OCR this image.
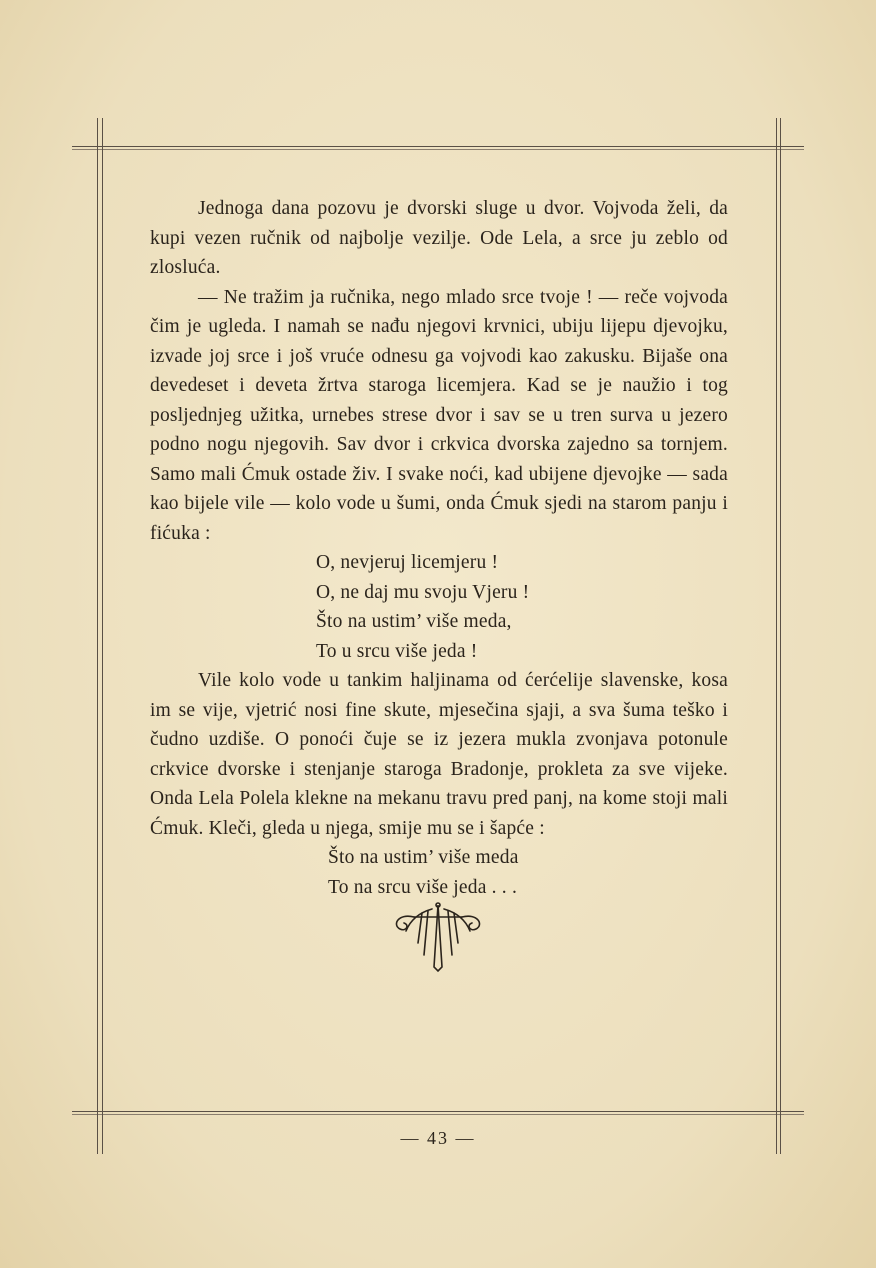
Jednoga dana pozovu je dvorski sluge u dvor. Vojvoda želi, da kupi vezen ručnik od najbolje vezilje. Ode Lela, a srce ju zeblo od zlosluća.

— Ne tražim ja ručnika, nego mlado srce tvoje ! — reče vojvoda čim je ugleda. I namah se nađu njegovi krvnici, ubiju lijepu djevojku, izvade joj srce i još vruće odnesu ga vojvodi kao zakusku. Bijaše ona devedeset i deveta žrtva staroga licemjera. Kad se je naužio i tog posljednjeg užitka, urnebes strese dvor i sav se u tren surva u jezero podno nogu njegovih. Sav dvor i crkvica dvorska zajedno sa tornjem. Samo mali Ćmuk ostade živ. I svake noći, kad ubijene djevojke — sada kao bijele vile — kolo vode u šumi, onda Ćmuk sjedi na starom panju i fićuka :

O, nevjeruj licemjeru !
O, ne daj mu svoju Vjeru !
Što na ustim’ više meda,
To u srcu više jeda !

Vile kolo vode u tankim haljinama od ćerćelije slavenske, kosa im se vije, vjetrić nosi fine skute, mjesečina sjaji, a sva šuma teško i čudno uzdiše. O ponoći čuje se iz jezera mukla zvonjava potonule crkvice dvorske i stenjanje staroga Bradonje, prokleta za sve vijeke. Onda Lela Polela klekne na mekanu travu pred panj, na kome stoji mali Ćmuk. Kleči, gleda u njega, smije mu se i šapće :

Što na ustim’ više meda
To na srcu više jeda . . .
— 43 —
